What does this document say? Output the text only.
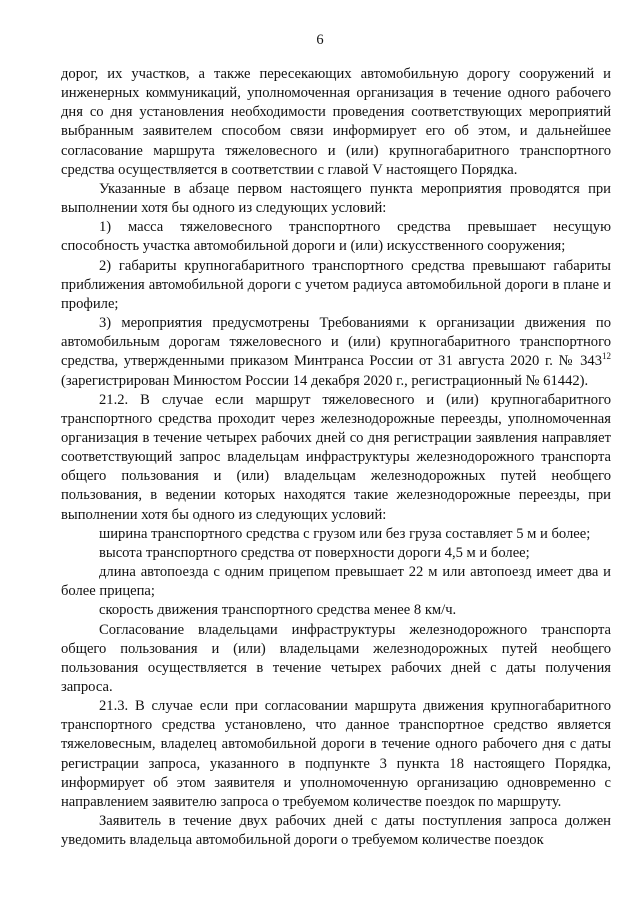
6

дорог, их участков, а также пересекающих автомобильную дорогу сооружений и инженерных коммуникаций, уполномоченная организация в течение одного рабочего дня со дня установления необходимости проведения соответствующих мероприятий выбранным заявителем способом связи информирует его об этом, и дальнейшее согласование маршрута тяжеловесного и (или) крупногабаритного транспортного средства осуществляется в соответствии с главой V настоящего Порядка.

Указанные в абзаце первом настоящего пункта мероприятия проводятся при выполнении хотя бы одного из следующих условий:

1) масса тяжеловесного транспортного средства превышает несущую способность участка автомобильной дороги и (или) искусственного сооружения;

2) габариты крупногабаритного транспортного средства превышают габариты приближения автомобильной дороги с учетом радиуса автомобильной дороги в плане и профиле;

3) мероприятия предусмотрены Требованиями к организации движения по автомобильным дорогам тяжеловесного и (или) крупногабаритного транспортного средства, утвержденными приказом Минтранса России от 31 августа 2020 г. № $343^{12}$ (зарегистрирован Минюстом России 14 декабря 2020 г., регистрационный № 61442).

21.2. В случае если маршрут тяжеловесного и (или) крупногабаритного транспортного средства проходит через железнодорожные переезды, уполномоченная организация в течение четырех рабочих дней со дня регистрации заявления направляет соответствующий запрос владельцам инфраструктуры железнодорожного транспорта общего пользования и (или) владельцам железнодорожных путей необщего пользования, в ведении которых находятся такие железнодорожные переезды, при выполнении хотя бы одного из следующих условий:

ширина транспортного средства с грузом или без груза составляет 5 м и более;

высота транспортного средства от поверхности дороги 4,5 м и более;

длина автопоезда с одним прицепом превышает 22 м или автопоезд имеет два и более прицепа;

скорость движения транспортного средства менее 8 км/ч.

Согласование владельцами инфраструктуры железнодорожного транспорта общего пользования и (или) владельцами железнодорожных путей необщего пользования осуществляется в течение четырех рабочих дней с даты получения запроса.

21.3. В случае если при согласовании маршрута движения крупногабаритного транспортного средства установлено, что данное транспортное средство является тяжеловесным, владелец автомобильной дороги в течение одного рабочего дня с даты регистрации запроса, указанного в подпункте 3 пункта 18 настоящего Порядка, информирует об этом заявителя и уполномоченную организацию одновременно с направлением заявителю запроса о требуемом количестве поездок по маршруту.

Заявитель в течение двух рабочих дней с даты поступления запроса должен уведомить владельца автомобильной дороги о требуемом количестве поездок
